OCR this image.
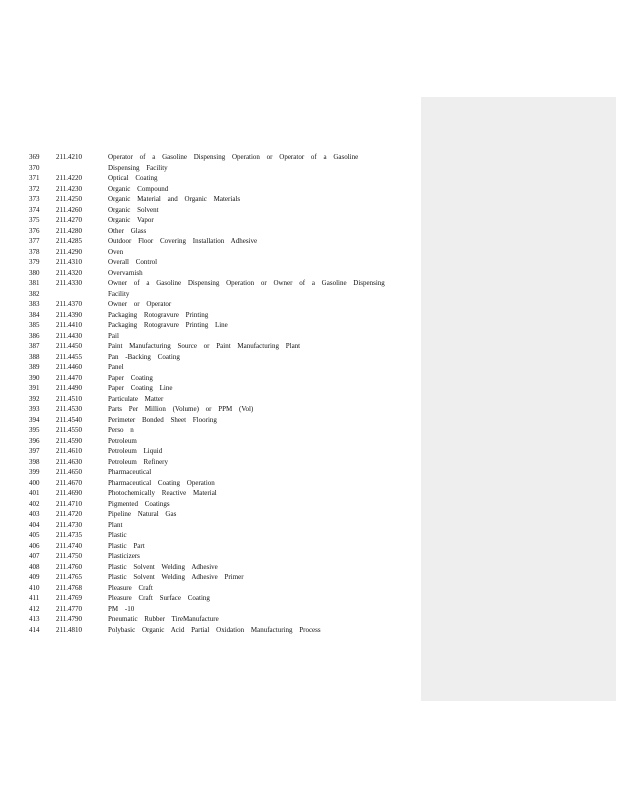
369 211.4210	Operator of a Gasoline Dispensing Operation or Operator of a Gasoline
370	Dispensing Facility
371 211.4220	Optical Coating
372 211.4230	Organic Compound
373 211.4250	Organic Material and Organic Materials
374 211.4260	Organic Solvent
375 211.4270	Organic Vapor
376 211.4280	Other Glass
377 211.4285	Outdoor Floor Covering Installation Adhesive
378 211.4290	Oven
379 211.4310	Overall Control
380 211.4320	Overvarnish
381 211.4330	Owner of a Gasoline Dispensing Operation or Owner of a Gasoline Dispensing
382	Facility
383 211.4370	Owner or Operator
384 211.4390	Packaging Rotogravure Printing
385 211.4410	Packaging Rotogravure Printing Line
386 211.4430	Pail
387 211.4450	Paint Manufacturing Source or Paint Manufacturing Plant
388 211.4455	Pan -Backing Coating
389 211.4460	Panel
390 211.4470	Paper Coating
391 211.4490	Paper Coating Line
392 211.4510	Particulate Matter
393 211.4530	Parts Per Million (Volume) or PPM (Vol)
394 211.4540	Perimeter Bonded Sheet Flooring
395 211.4550	Perso n
396 211.4590	Petroleum
397 211.4610	Petroleum Liquid
398 211.4630	Petroleum Refinery
399 211.4650	Pharmaceutical
400 211.4670	Pharmaceutical Coating Operation
401 211.4690	Photochemically Reactive Material
402 211.4710	Pigmented Coatings
403 211.4720	Pipeline Natural Gas
404 211.4730	Plant
405 211.4735	Plastic
406 211.4740	Plastic Part
407 211.4750	Plasticizers
408 211.4760	Plastic Solvent Welding Adhesive
409 211.4765	Plastic Solvent Welding Adhesive Primer
410 211.4768	Pleasure Craft
411 211.4769	Pleasure Craft Surface Coating
412 211.4770	PM -10
413 211.4790	Pneumatic Rubber TireManufacture
414 211.4810	Polybasic Organic Acid Partial Oxidation Manufacturing Process
